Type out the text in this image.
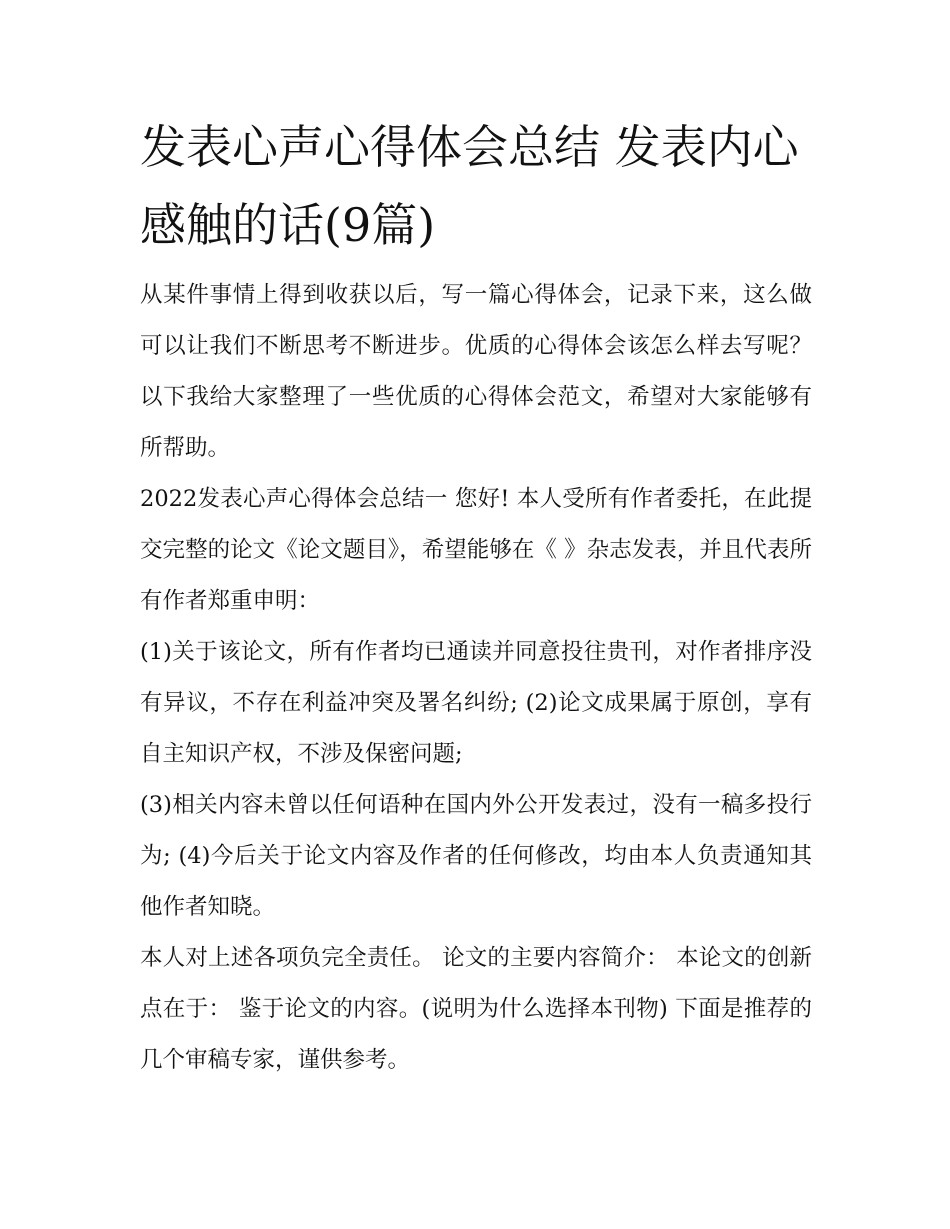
发表心声心得体会总结 发表内心感触的话(9篇)

从某件事情上得到收获以后，写一篇心得体会，记录下来，这么做可以让我们不断思考不断进步。优质的心得体会该怎么样去写呢？以下我给大家整理了一些优质的心得体会范文，希望对大家能够有所帮助。

2022发表心声心得体会总结一 您好! 本人受所有作者委托，在此提交完整的论文《论文题目》，希望能够在《 》杂志发表，并且代表所有作者郑重申明：

(1)关于该论文，所有作者均已通读并同意投往贵刊，对作者排序没有异议，不存在利益冲突及署名纠纷; (2)论文成果属于原创，享有自主知识产权，不涉及保密问题;

(3)相关内容未曾以任何语种在国内外公开发表过，没有一稿多投行为; (4)今后关于论文内容及作者的任何修改，均由本人负责通知其他作者知晓。

本人对上述各项负完全责任。 论文的主要内容简介： 本论文的创新点在于： 鉴于论文的内容。(说明为什么选择本刊物) 下面是推荐的几个审稿专家，谨供参考。
